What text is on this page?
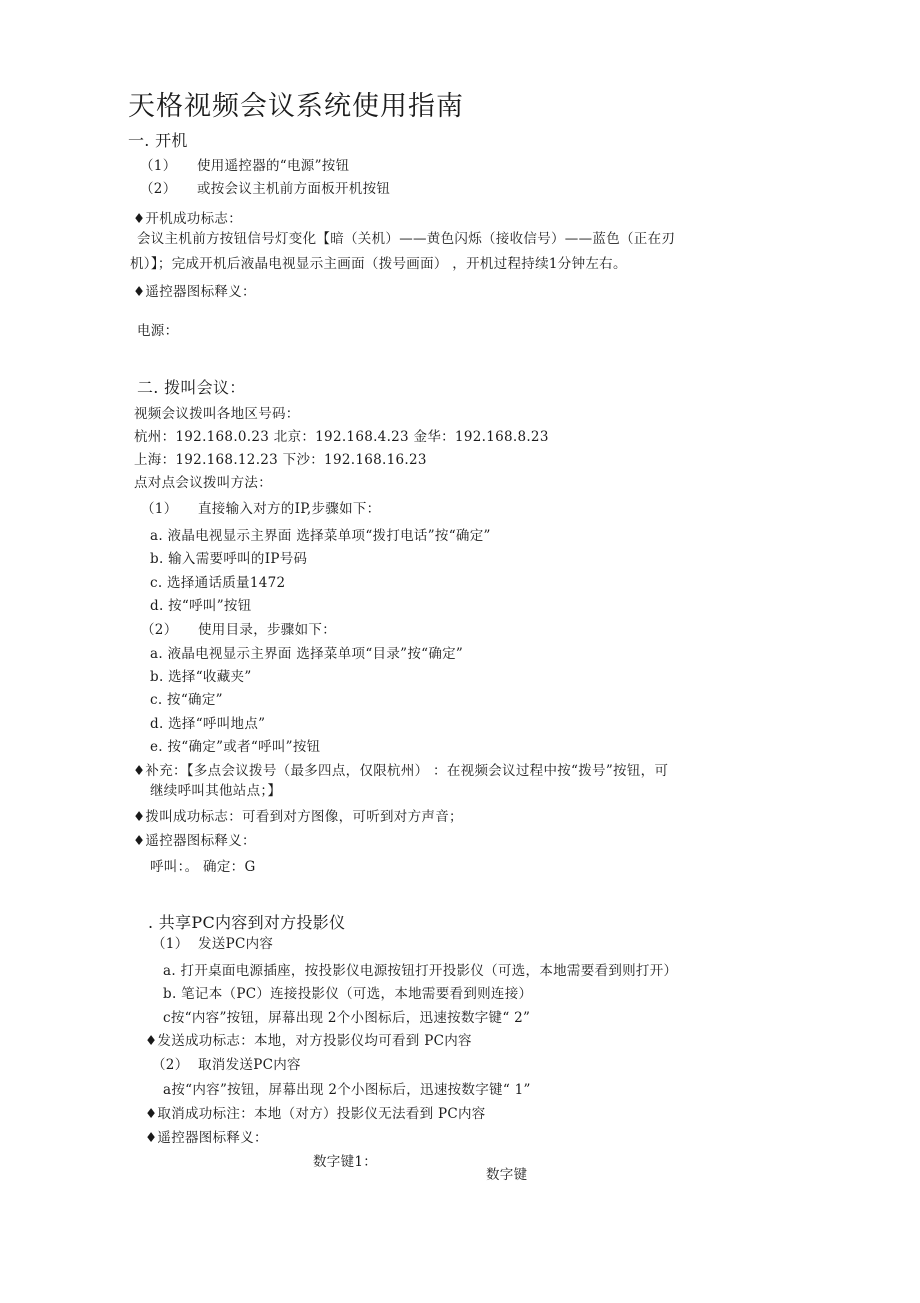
天格视频会议系统使用指南
一. 开机
（1） 使用遥控器的“电源”按钮
（2） 或按会议主机前方面板开机按钮
♦开机成功标志：
会议主机前方按钮信号灯变化【暗（关机）——黄色闪烁（接收信号）——蓝色（正在刃
机）】；完成开机后液晶电视显示主画面（拨号画面） ，开机过程持续1分钟左右。
♦遥控器图标释义：
电源：
二. 拨叫会议：
视频会议拨叫各地区号码：
杭州：192.168.0.23 北京：192.168.4.23 金华：192.168.8.23
上海：192.168.12.23 下沙：192.168.16.23
点对点会议拨叫方法：
（1） 直接输入对方的IP,步骤如下：
a. 液晶电视显示主界面 选择菜单项“拨打电话”按“确定”
b. 输入需要呼叫的IP号码
c. 选择通话质量1472
d. 按“呼叫”按钮
（2） 使用目录，步骤如下：
a. 液晶电视显示主界面 选择菜单项“目录”按“确定”
b. 选择“收藏夹”
c. 按“确定”
d. 选择“呼叫地点”
e. 按“确定”或者“呼叫”按钮
♦补充：【多点会议拨号（最多四点，仅限杭州） ：在视频会议过程中按“拨号”按钮，可
继续呼叫其他站点；】
♦拨叫成功标志：可看到对方图像，可听到对方声音；
♦遥控器图标释义：
呼叫：。 确定：G
. 共享PC内容到对方投影仪
（1） 发送PC内容
a. 打开桌面电源插座，按投影仪电源按钮打开投影仪（可选，本地需要看到则打开）
b. 笔记本（PC）连接投影仪（可选，本地需要看到则连接）
c按“内容”按钮，屏幕出现 2个小图标后，迅速按数字键“ 2”
♦发送成功标志：本地，对方投影仪均可看到 PC内容
（2） 取消发送PC内容
a按“内容”按钮，屏幕出现 2个小图标后，迅速按数字键“ 1”
♦取消成功标注：本地（对方）投影仪无法看到 PC内容
♦遥控器图标释义：
数字键1：
数字键
